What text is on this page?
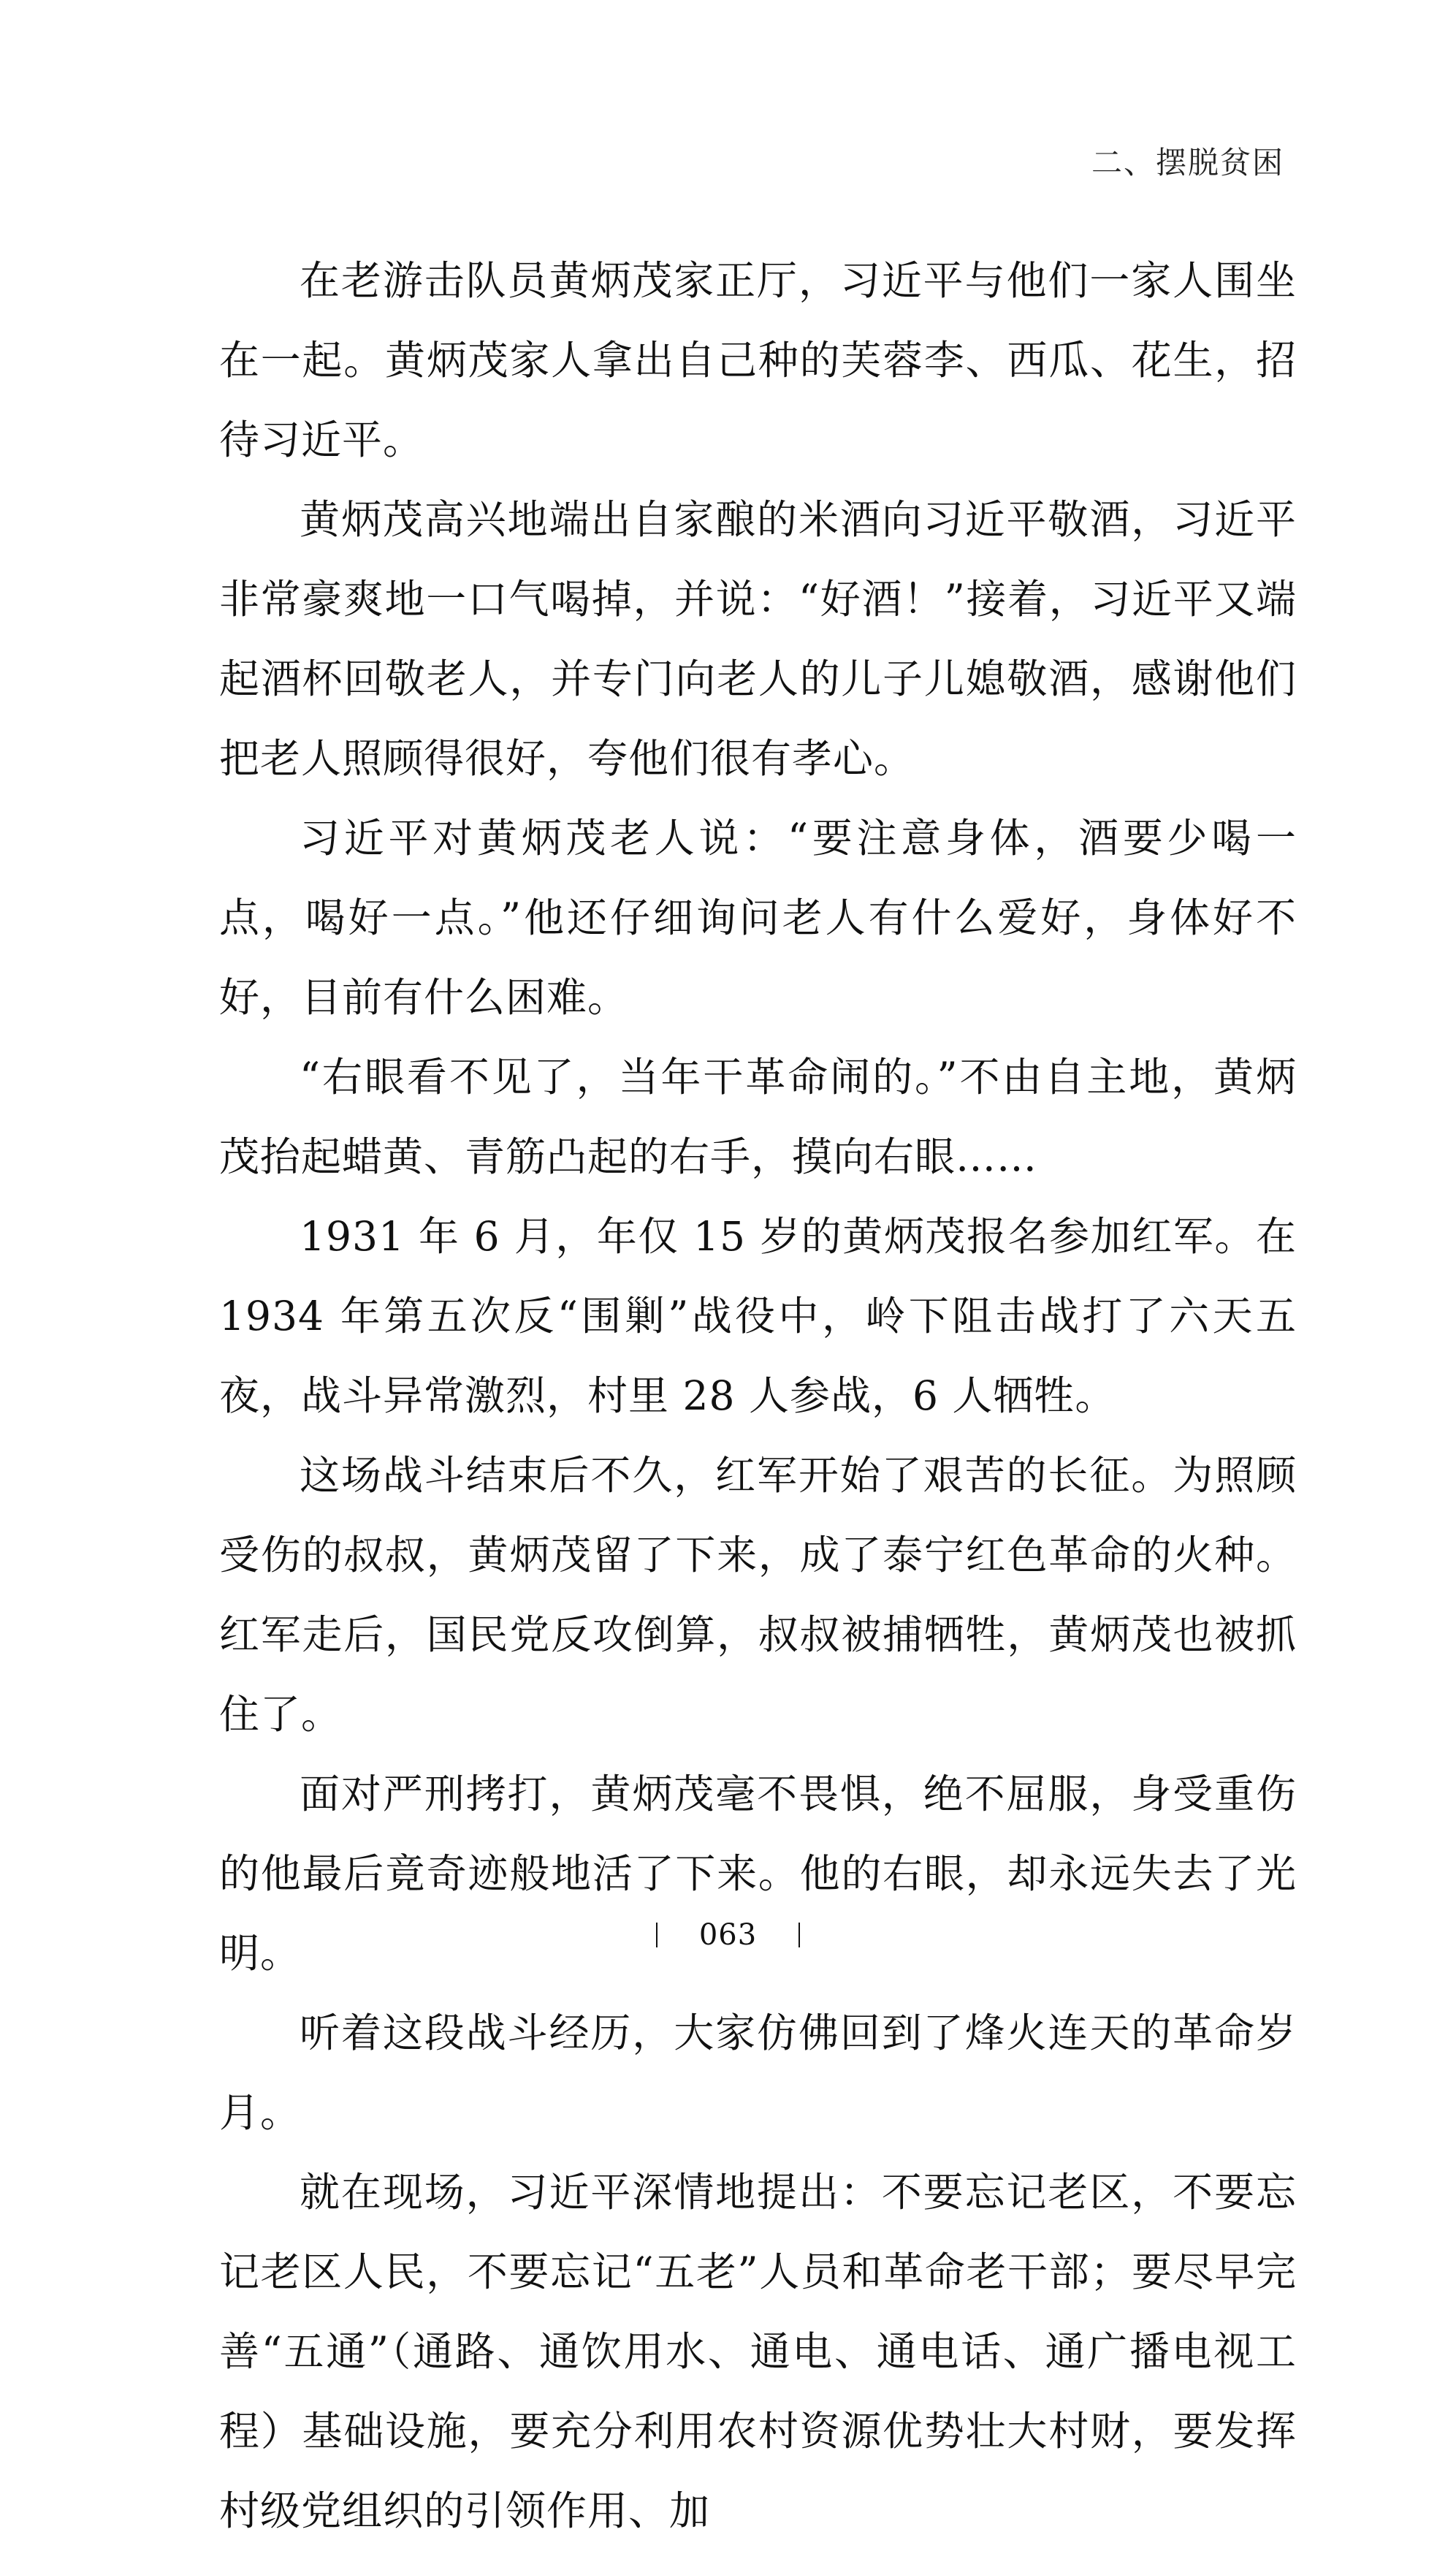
二、摆脱贫困

在老游击队员黄炳茂家正厅，习近平与他们一家人围坐在一起。黄炳茂家人拿出自己种的芙蓉李、西瓜、花生，招待习近平。

黄炳茂高兴地端出自家酿的米酒向习近平敬酒，习近平非常豪爽地一口气喝掉，并说：“好酒！”接着，习近平又端起酒杯回敬老人，并专门向老人的儿子儿媳敬酒，感谢他们把老人照顾得很好，夸他们很有孝心。

习近平对黄炳茂老人说：“要注意身体，酒要少喝一点，喝好一点。”他还仔细询问老人有什么爱好，身体好不好，目前有什么困难。

“右眼看不见了，当年干革命闹的。”不由自主地，黄炳茂抬起蜡黄、青筋凸起的右手，摸向右眼……

1931 年 6 月，年仅 15 岁的黄炳茂报名参加红军。在 1934 年第五次反“围剿”战役中，岭下阻击战打了六天五夜，战斗异常激烈，村里 28 人参战，6 人牺牲。

这场战斗结束后不久，红军开始了艰苦的长征。为照顾受伤的叔叔，黄炳茂留了下来，成了泰宁红色革命的火种。红军走后，国民党反攻倒算，叔叔被捕牺牲，黄炳茂也被抓住了。

面对严刑拷打，黄炳茂毫不畏惧，绝不屈服，身受重伤的他最后竟奇迹般地活了下来。他的右眼，却永远失去了光明。

听着这段战斗经历，大家仿佛回到了烽火连天的革命岁月。

就在现场，习近平深情地提出：不要忘记老区，不要忘记老区人民，不要忘记“五老”人员和革命老干部；要尽早完善“五通”（通路、通饮用水、通电、通电话、通广播电视工程）基础设施，要充分利用农村资源优势壮大村财，要发挥村级党组织的引领作用、加

063
